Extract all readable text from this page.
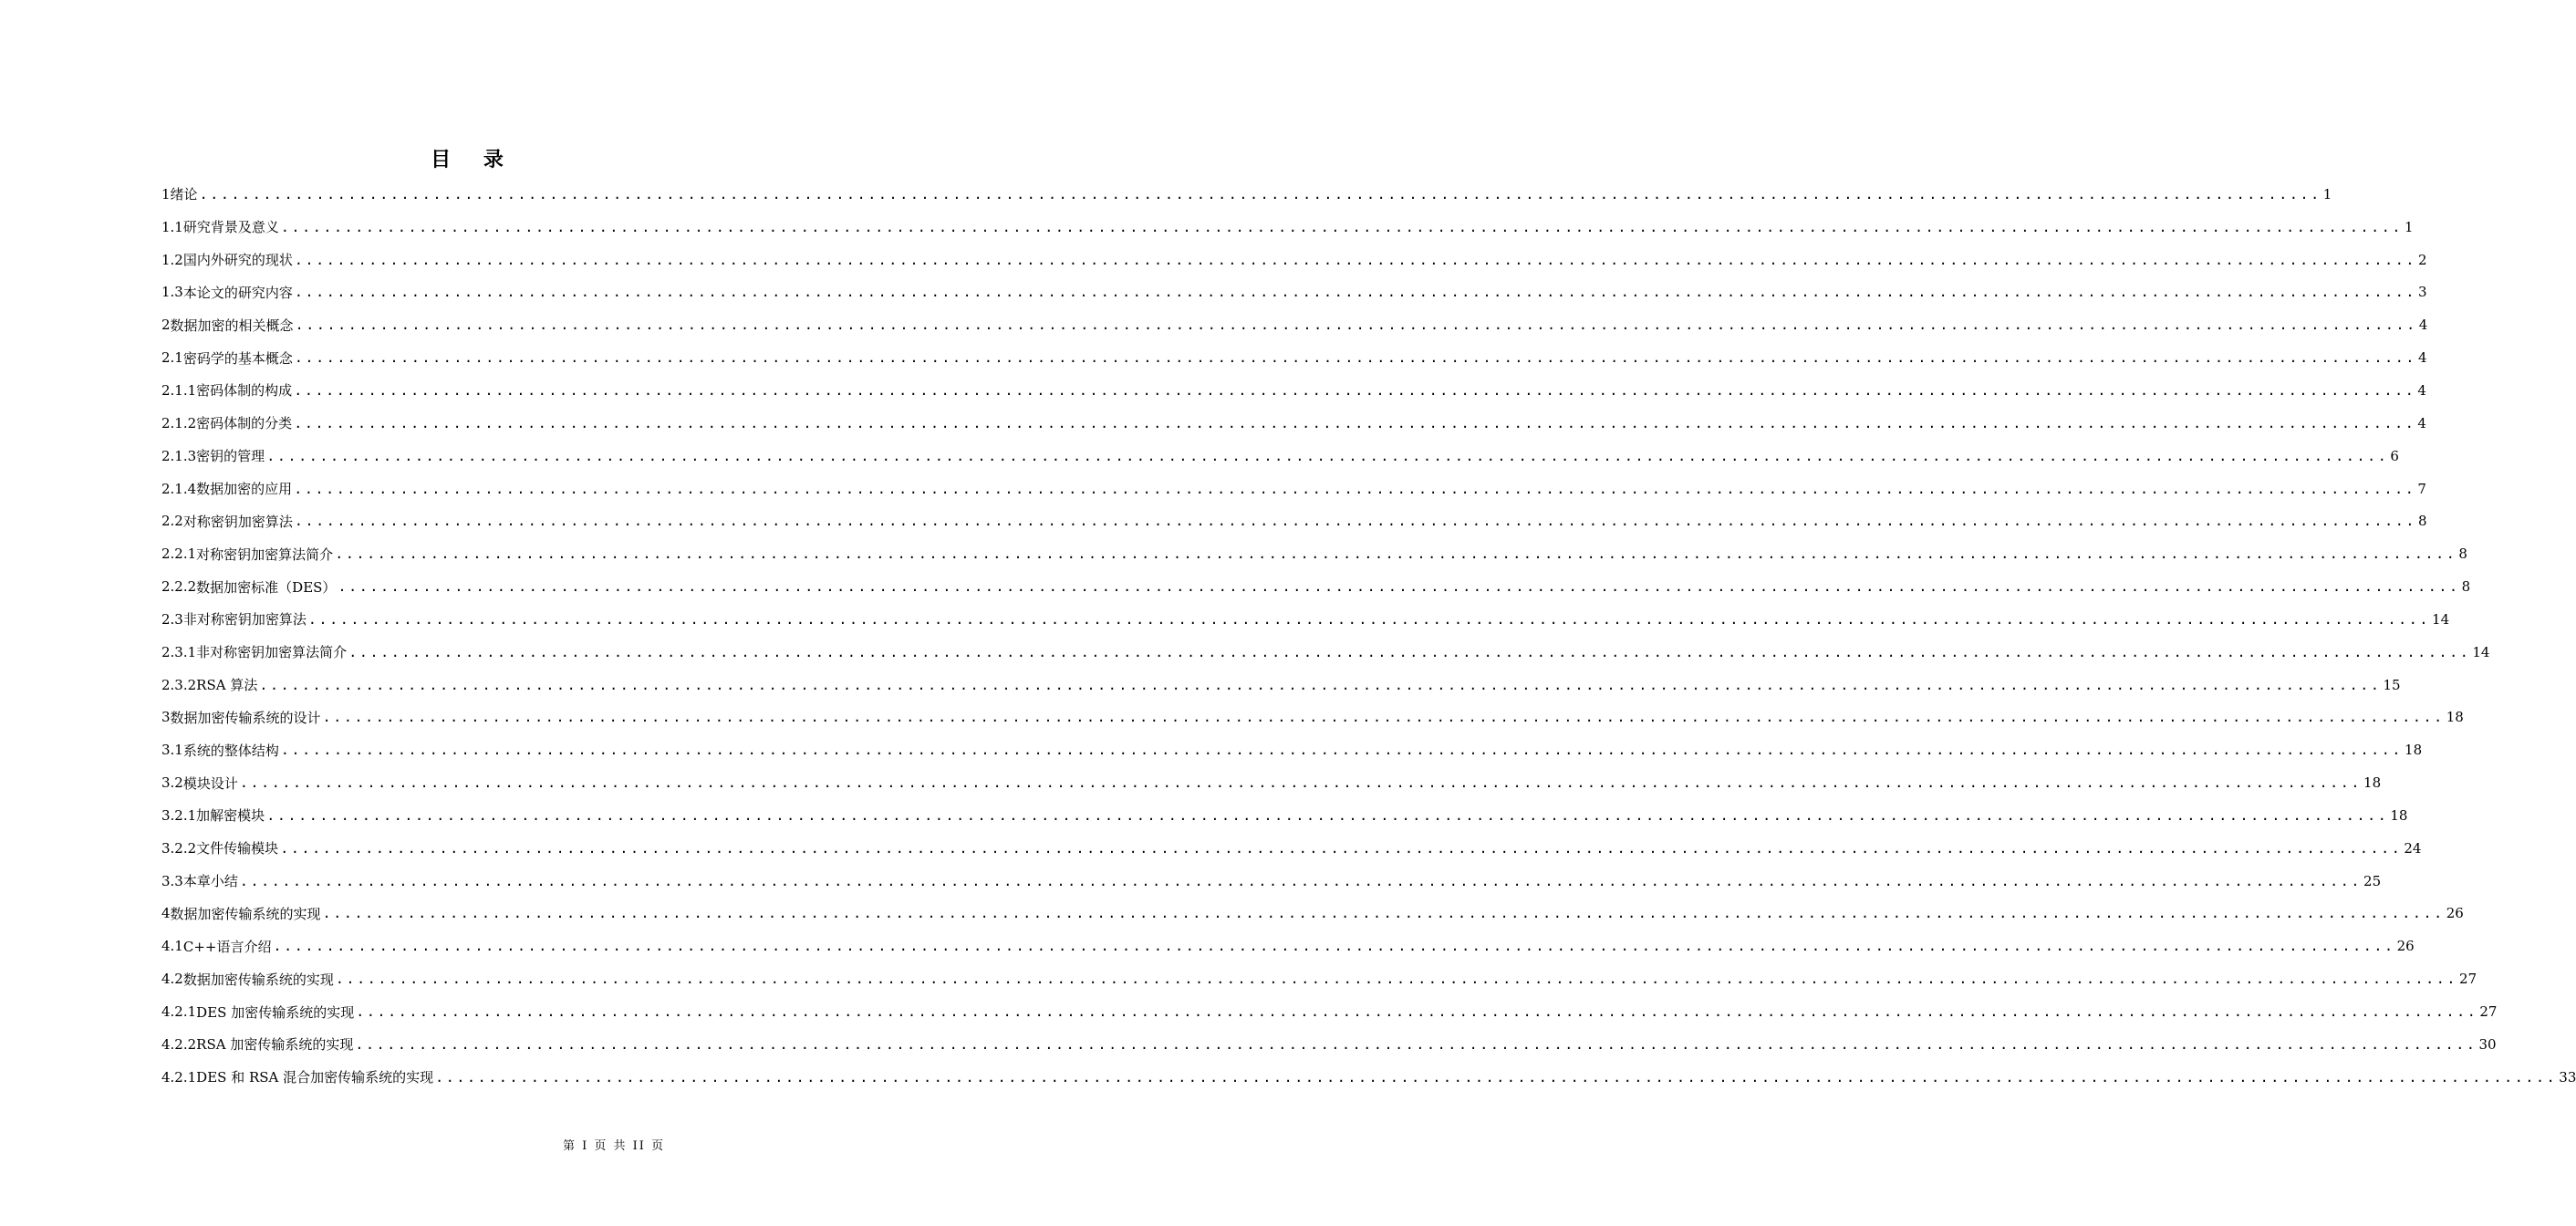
目 录
1 绪论 ........................................................................................................................................................................................................ 1
1.1 研究背景及意义 ........................................................................................................................................................................................................ 1
1.2 国内外研究的现状 ........................................................................................................................................................................................................ 2
1.3 本论文的研究内容 ........................................................................................................................................................................................................ 3
2 数据加密的相关概念 ........................................................................................................................................................................................................ 4
2.1 密码学的基本概念 ........................................................................................................................................................................................................ 4
2.1.1 密码体制的构成 ........................................................................................................................................................................................................ 4
2.1.2 密码体制的分类 ........................................................................................................................................................................................................ 4
2.1.3 密钥的管理 ........................................................................................................................................................................................................ 6
2.1.4 数据加密的应用 ........................................................................................................................................................................................................ 7
2.2 对称密钥加密算法 ........................................................................................................................................................................................................ 8
2.2.1 对称密钥加密算法简介 ........................................................................................................................................................................................................ 8
2.2.2 数据加密标准（DES） ........................................................................................................................................................................................................ 8
2.3 非对称密钥加密算法 ........................................................................................................................................................................................................ 14
2.3.1 非对称密钥加密算法简介 ........................................................................................................................................................................................................ 14
2.3.2 RSA 算法 ........................................................................................................................................................................................................ 15
3 数据加密传输系统的设计 ........................................................................................................................................................................................................ 18
3.1 系统的整体结构 ........................................................................................................................................................................................................ 18
3.2 模块设计 ........................................................................................................................................................................................................ 18
3.2.1 加解密模块 ........................................................................................................................................................................................................ 18
3.2.2 文件传输模块 ........................................................................................................................................................................................................ 24
3.3 本章小结 ........................................................................................................................................................................................................ 25
4 数据加密传输系统的实现 ........................................................................................................................................................................................................ 26
4.1 C++语言介绍 ........................................................................................................................................................................................................ 26
4.2 数据加密传输系统的实现 ........................................................................................................................................................................................................ 27
4.2.1 DES 加密传输系统的实现 ........................................................................................................................................................................................................ 27
4.2.2 RSA 加密传输系统的实现 ........................................................................................................................................................................................................ 30
4.2.1 DES 和 RSA 混合加密传输系统的实现 ........................................................................................................................................................................................................ 33
第 I 页 共 II 页
